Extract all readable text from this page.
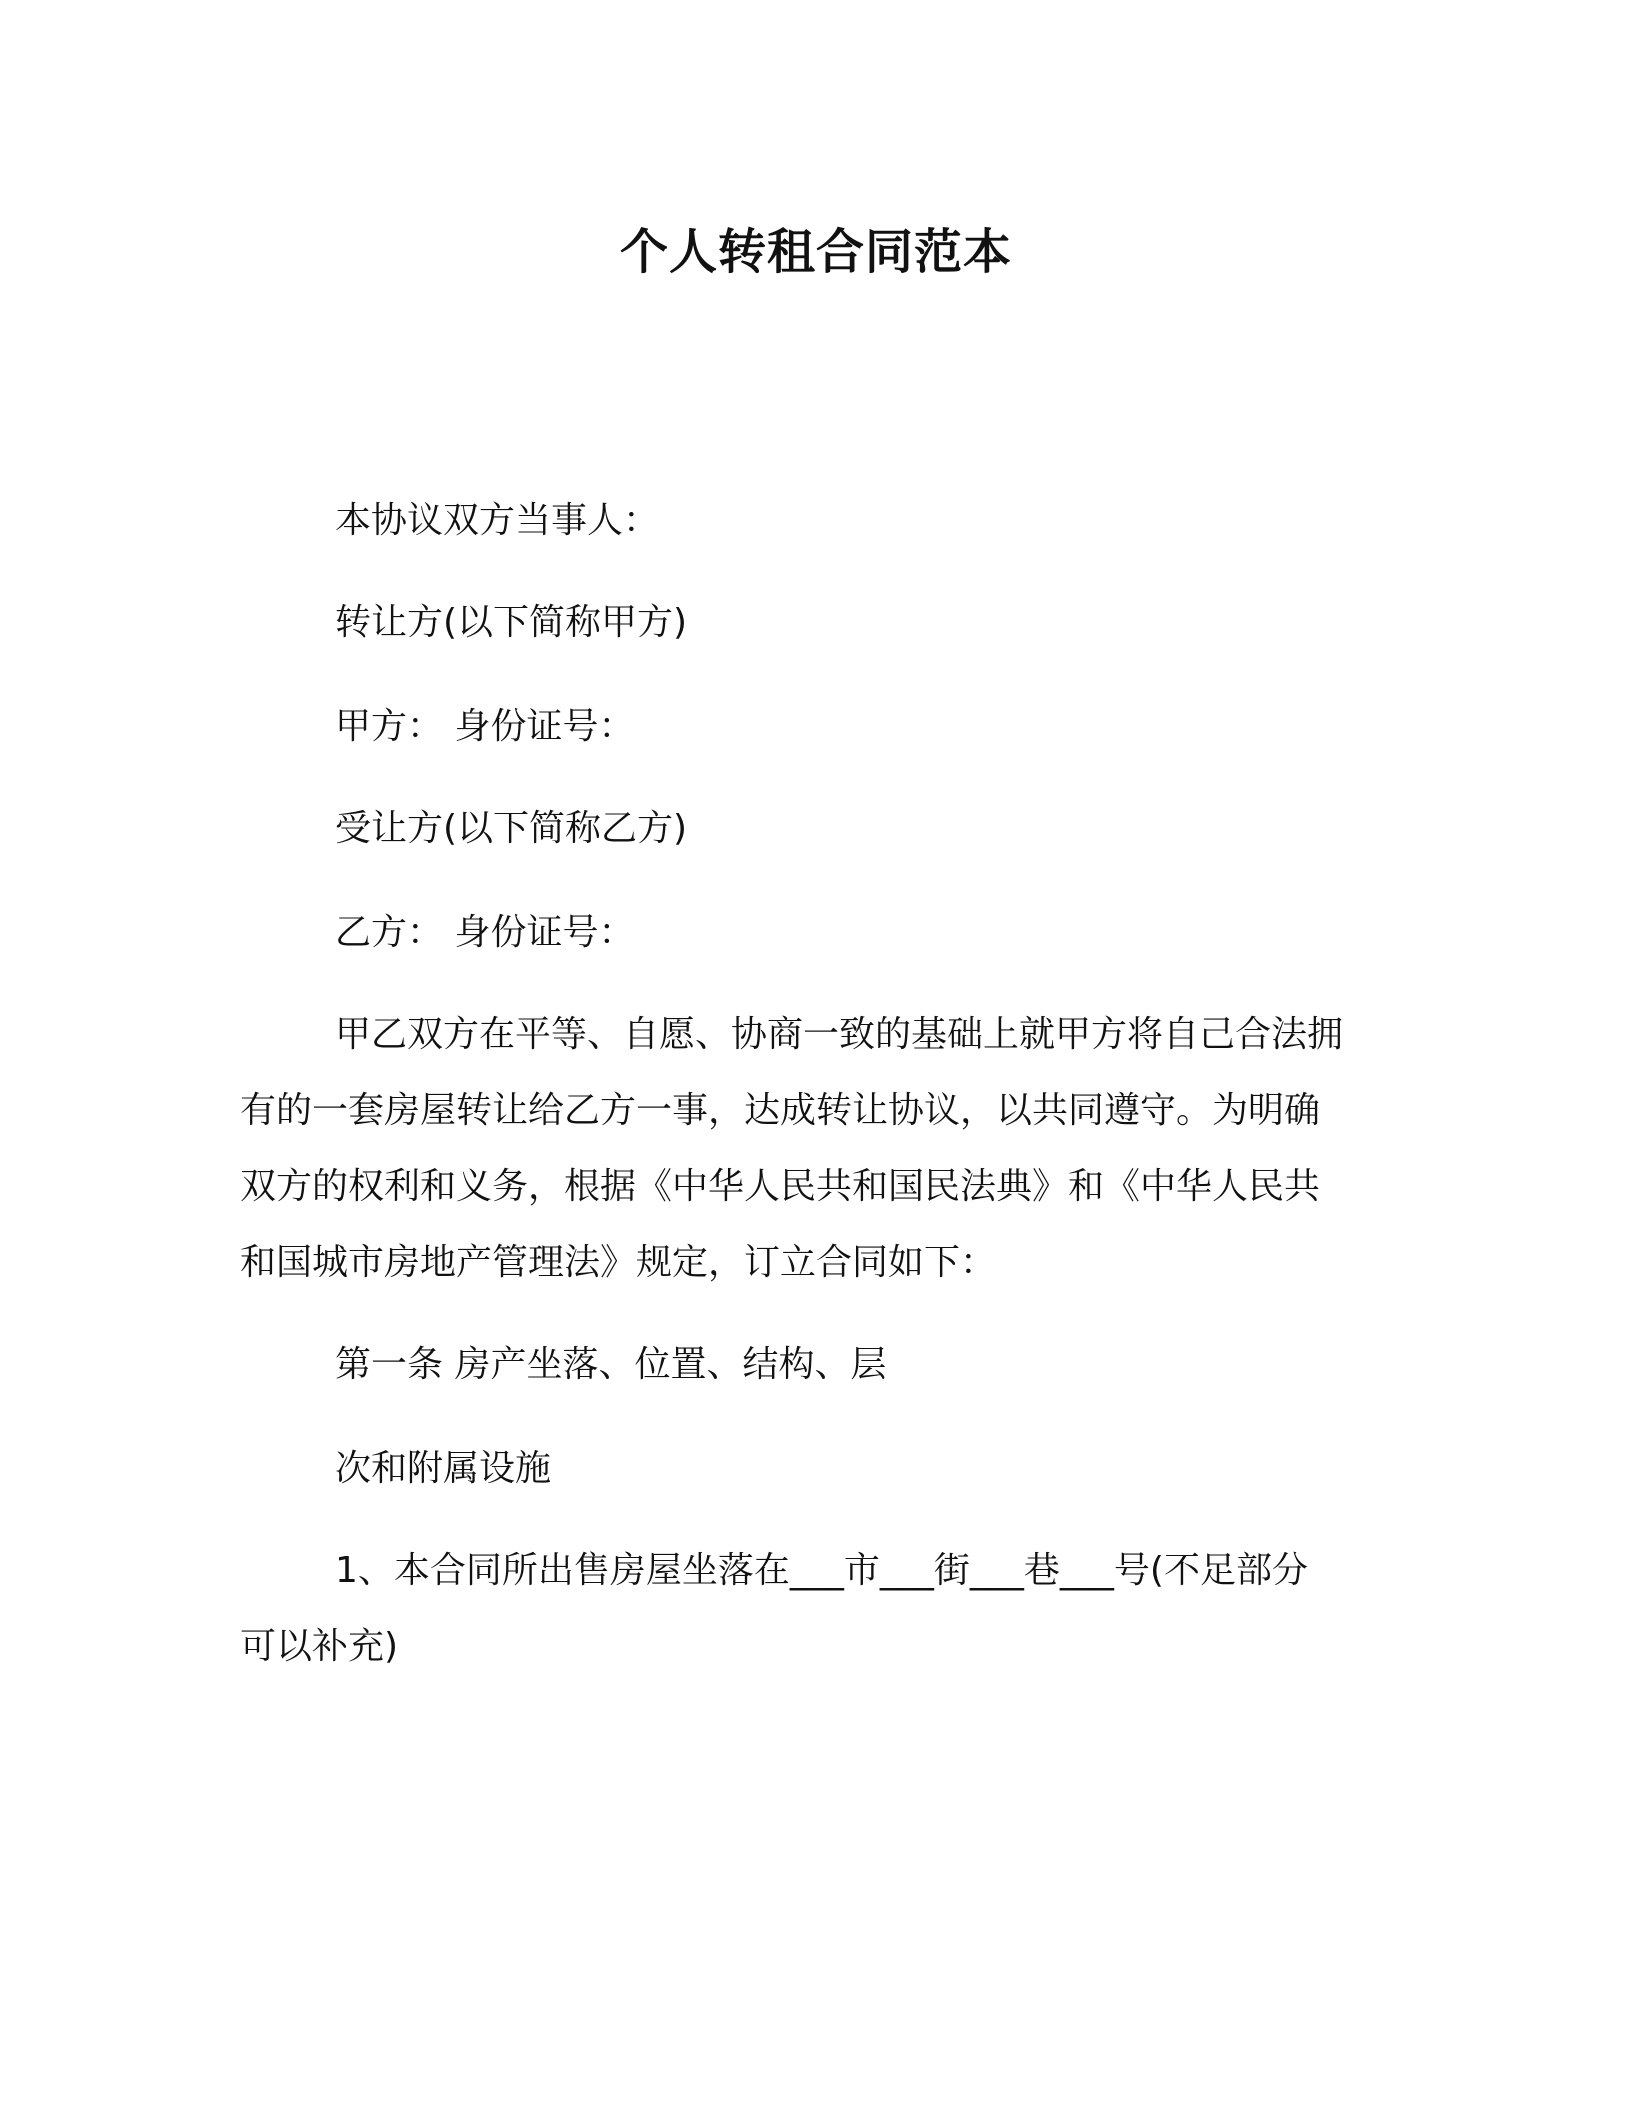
个人转租合同范本
本协议双方当事人：
转让方(以下简称甲方)
甲方： 身份证号：
受让方(以下简称乙方)
乙方： 身份证号：
甲乙双方在平等、自愿、协商一致的基础上就甲方将自己合法拥
有的一套房屋转让给乙方一事，达成转让协议，以共同遵守。为明确
双方的权利和义务，根据《中华人民共和国民法典》和《中华人民共
和国城市房地产管理法》规定，订立合同如下：
第一条 房产坐落、位置、结构、层
次和附属设施
1、本合同所出售房屋坐落在___市___街___巷___号(不足部分
可以补充)
